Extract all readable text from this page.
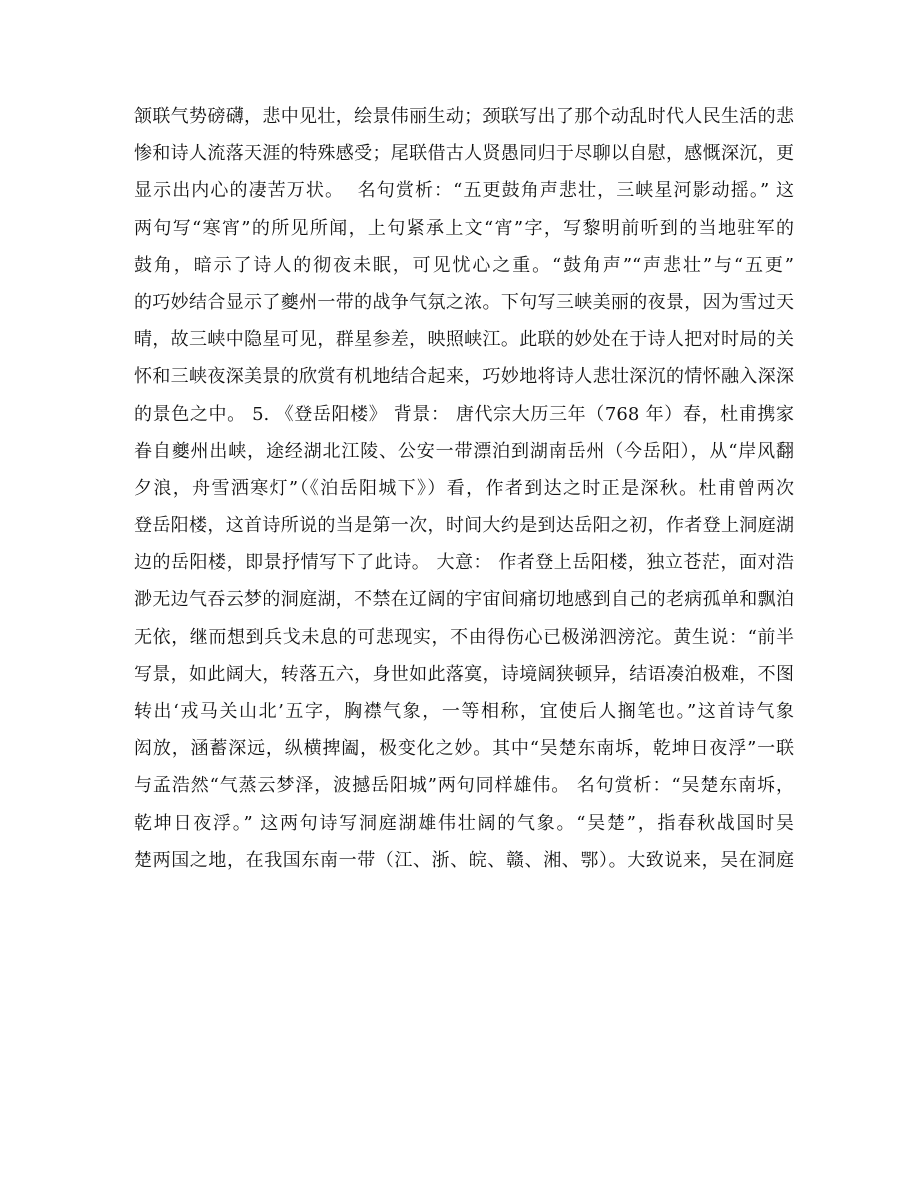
颔联气势磅礴，悲中见壮，绘景伟丽生动；颈联写出了那个动乱时代人民生活的悲
惨和诗人流落天涯的特殊感受；尾联借古人贤愚同归于尽聊以自慰，感慨深沉，更
显示出内心的凄苦万状。  名句赏析：“五更鼓角声悲壮，三峡星河影动摇。” 这
两句写“寒宵”的所见所闻，上句紧承上文“宵”字，写黎明前听到的当地驻军的
鼓角，暗示了诗人的彻夜未眠，可见忧心之重。“鼓角声”“声悲壮”与“五更”
的巧妙结合显示了夔州一带的战争气氛之浓。下句写三峡美丽的夜景，因为雪过天
晴，故三峡中隐星可见，群星参差，映照峡江。此联的妙处在于诗人把对时局的关
怀和三峡夜深美景的欣赏有机地结合起来，巧妙地将诗人悲壮深沉的情怀融入深深
的景色之中。 5. 《登岳阳楼》 背景： 唐代宗大历三年（768 年）春，杜甫携家
眷自夔州出峡，途经湖北江陵、公安一带漂泊到湖南岳州（今岳阳），从“岸风翻
夕浪，舟雪洒寒灯”（《泊岳阳城下》）看，作者到达之时正是深秋。杜甫曾两次
登岳阳楼，这首诗所说的当是第一次，时间大约是到达岳阳之初，作者登上洞庭湖
边的岳阳楼，即景抒情写下了此诗。 大意： 作者登上岳阳楼，独立苍茫，面对浩
渺无边气吞云梦的洞庭湖，不禁在辽阔的宇宙间痛切地感到自己的老病孤单和飘泊
无依，继而想到兵戈未息的可悲现实，不由得伤心已极涕泗滂沱。黄生说：“前半
写景，如此阔大，转落五六，身世如此落寞，诗境阔狭顿异，结语凑泊极难，不图
转出‘戎马关山北’五字，胸襟气象，一等相称，宜使后人搁笔也。”这首诗气象
闳放，涵蓄深远，纵横捭阖，极变化之妙。其中“吴楚东南坼，乾坤日夜浮”一联
与孟浩然“气蒸云梦泽，波撼岳阳城”两句同样雄伟。 名句赏析：“吴楚东南坼，
乾坤日夜浮。” 这两句诗写洞庭湖雄伟壮阔的气象。“吴楚”，指春秋战国时吴
楚两国之地，在我国东南一带（江、浙、皖、赣、湘、鄂）。大致说来，吴在洞庭
